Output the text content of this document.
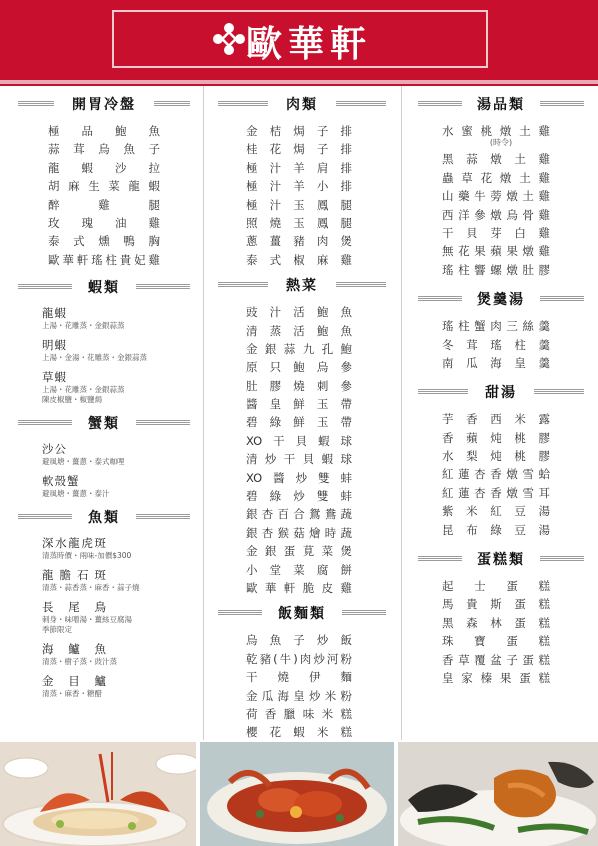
歐華軒
開胃冷盤
極品鮑魚
蒜茸烏魚子
龍蝦沙拉
胡麻生菜龍蝦
醉雞腿
玫瑰油雞
泰式燻鴨胸
歐華軒瑤柱貴妃雞
蝦類
龍蝦
上湯・花雕蒸・金銀蒜蒸
明蝦
上湯・金湯・花雕蒸・金銀蒜蒸
草蝦
上湯・花雕蒸・金銀蒜蒸
陳皮椒鹽・椒鹽焗
蟹類
沙公
避風塘・薑蔥・泰式咖哩
軟殼蟹
避風塘・薑蔥・泰汁
魚類
深水龍虎斑
清蒸時價・兩味-加價$300
龍膽石斑
清蒸・蒜香蒸・麻香・蒜子燒
長尾鳥
刺身・味噌湯・薑絲豆腐湯
季節限定
海鱸魚
清蒸・樹子蒸・豉汁蒸
金目鱸
清蒸・麻香・糖醋
肉類
金桔焗子排
桂花焗子排
極汁羊肩排
極汁羊小排
極汁玉鳳腿
照燒玉鳳腿
蔥薑豬肉煲
泰式椒麻雞
熱菜
豉汁活鮑魚
清蒸活鮑魚
金銀蒜九孔鮑
原只鮑烏參
肚膠燒刺參
醬皇鮮玉帶
碧綠鮮玉帶
XO干貝蝦球
清炒干貝蝦球
XO醬炒雙蚌
碧綠炒雙蚌
銀杏百合鴛鴦蔬
銀杏猴菇燴時蔬
金銀蛋莧菜煲
小堂菜腐餅
歐華軒脆皮雞
飯麵類
烏魚子炒飯
乾豬(牛)肉炒河粉
干燒伊麵
金瓜海皇炒米粉
荷香臘味米糕
櫻花蝦米糕
湯品類
水蜜桃燉土雞
(時令)
黑蒜燉土雞
蟲草花燉土雞
山藥牛蒡燉土雞
西洋參燉烏骨雞
干貝芽白雞
無花果蘋果燉雞
瑤柱響螺燉肚膠
煲羹湯
瑤柱蟹肉三絲羹
冬茸瑤柱羹
南瓜海皇羹
甜湯
芋香西米露
香蘋炖桃膠
水梨炖桃膠
紅蓮杏香燉雪蛤
紅蓮杏香燉雪耳
紫米紅豆湯
昆布綠豆湯
蛋糕類
起士蛋糕
馬貴斯蛋糕
黑森林蛋糕
珠寶蛋糕
香草覆盆子蛋糕
皇家榛果蛋糕
